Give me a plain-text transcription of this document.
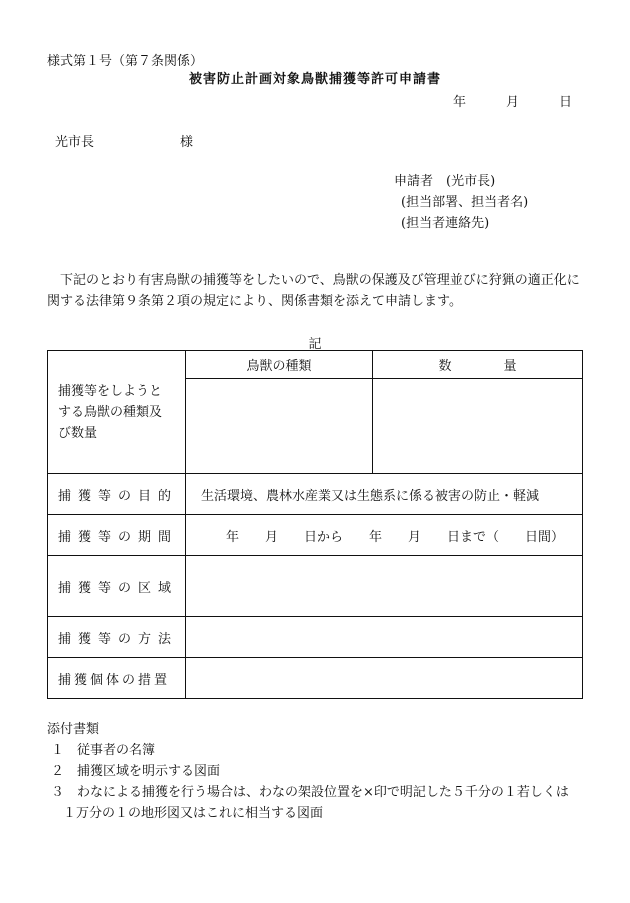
様式第１号（第７条関係）
被害防止計画対象鳥獣捕獲等許可申請書
年	月	日
光市長	様
申請者　(光市長)
(担当部署、担当者名)
(担当者連絡先)
　下記のとおり有害鳥獣の捕獲等をしたいので、鳥獣の保護及び管理並びに狩猟の適正化に関する法律第９条第２項の規定により、関係書類を添えて申請します。
記
捕獲等をしようとする鳥獣の種類及び数量	鳥獣の種類	数　　　　量

捕獲等の目的	生活環境、農林水産業又は生態系に係る被害の防止・軽減	
捕獲等の期間	年　　月　　日から　　年　　月　　日まで（　　日間）	
捕獲等の区域		
捕獲等の方法		
捕獲個体の措置		
添付書類
１ 従事者の名簿
２ 捕獲区域を明示する図面
３ わなによる捕獲を行う場合は、わなの架設位置を×印で明記した５千分の１若しくは
１万分の１の地形図又はこれに相当する図面
